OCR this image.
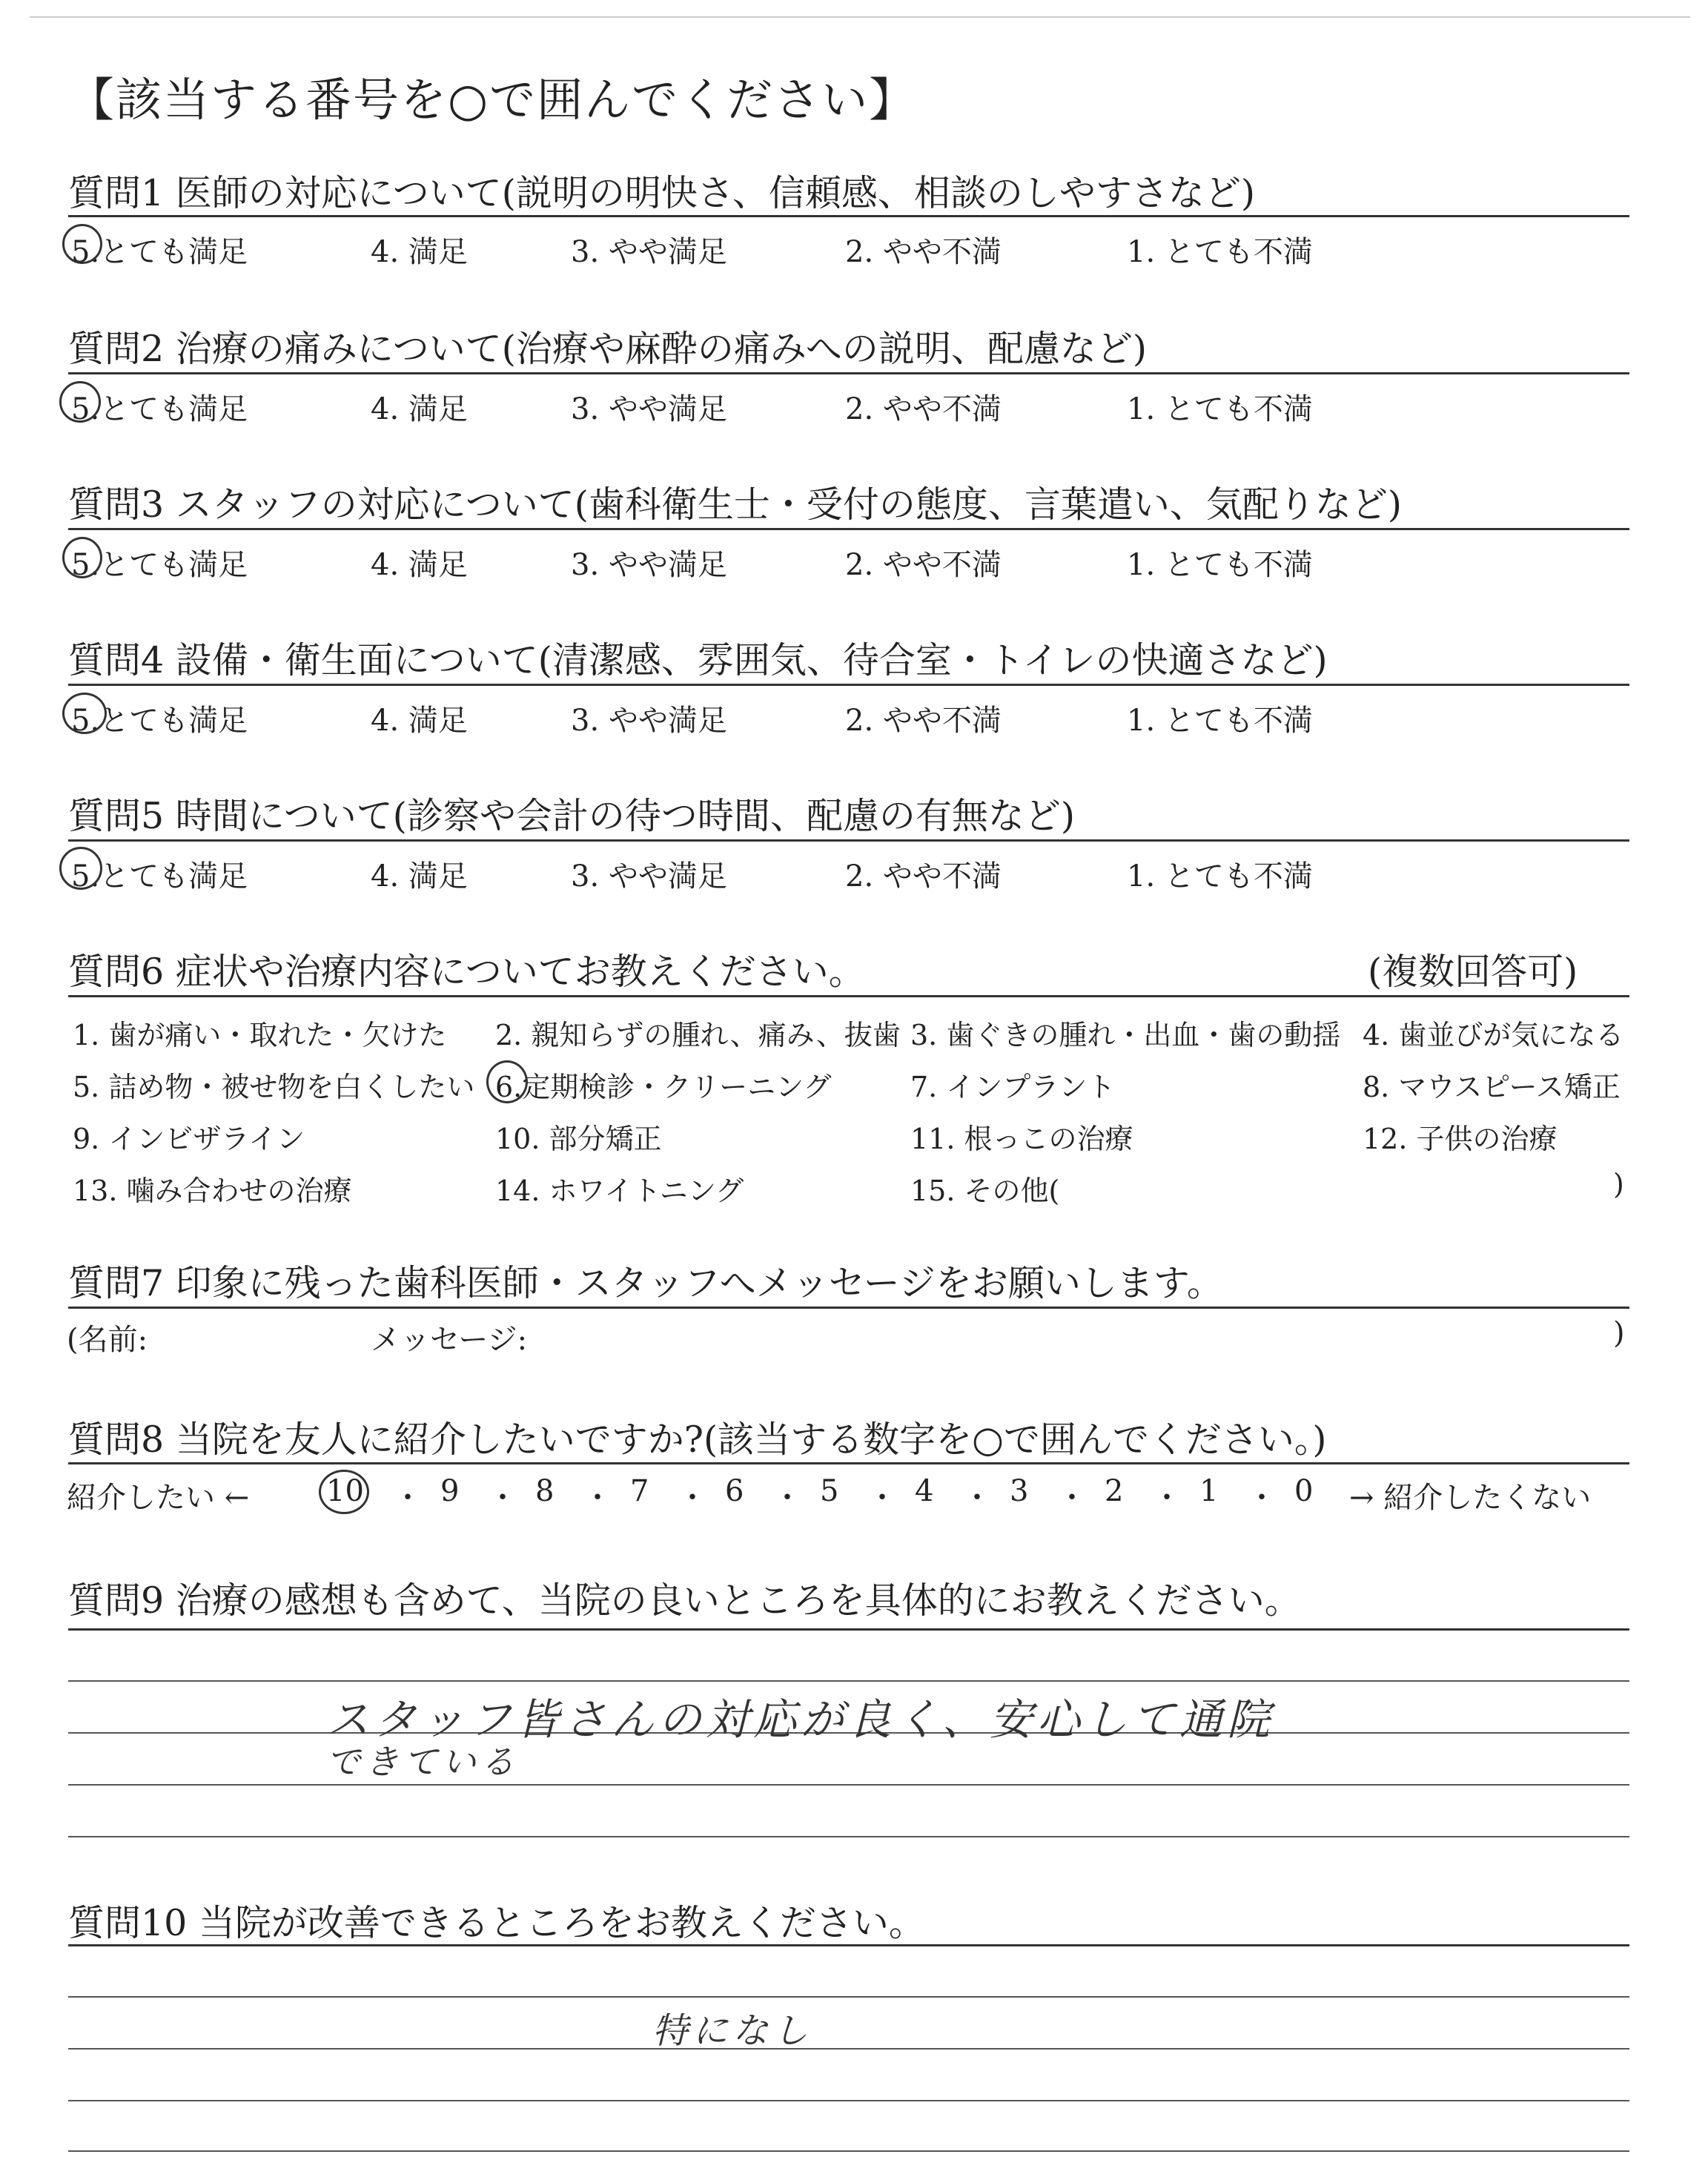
【該当する番号を○で囲んでください】
質問1 医師の対応について(説明の明快さ、信頼感、相談のしやすさなど)
5.とても満足	4. 満足	3. やや満足	2. やや不満	1. とても不満
質問2 治療の痛みについて(治療や麻酔の痛みへの説明、配慮など)
5.とても満足	4. 満足	3. やや満足	2. やや不満	1. とても不満
質問3 スタッフの対応について(歯科衛生士・受付の態度、言葉遣い、気配りなど)
5.とても満足	4. 満足	3. やや満足	2. やや不満	1. とても不満
質問4 設備・衛生面について(清潔感、雰囲気、待合室・トイレの快適さなど)
5.とても満足	4. 満足	3. やや満足	2. やや不満	1. とても不満
質問5 時間について(診察や会計の待つ時間、配慮の有無など)
5.とても満足	4. 満足	3. やや満足	2. やや不満	1. とても不満
質問6 症状や治療内容についてお教えください。	(複数回答可)
1. 歯が痛い・取れた・欠けた 2. 親知らずの腫れ、痛み、抜歯 3. 歯ぐきの腫れ・出血・歯の動揺 4. 歯並びが気になる
5. 詰め物・被せ物を白くしたい 6.定期検診・クリーニング	7. インプラント	8. マウスピース矯正
9. インビザライン	10. 部分矯正	11. 根っこの治療	12. 子供の治療
13. 噛み合わせの治療	14. ホワイトニング	15. その他(	)
質問7 印象に残った歯科医師・スタッフへメッセージをお願いします。
(名前:	メッセージ:	)
質問8 当院を友人に紹介したいですか?(該当する数字を○で囲んでください。)
紹介したい ←	10 ・ 9 ・ 8 ・ 7 ・ 6 ・ 5 ・ 4 ・ 3 ・ 2 ・ 1 ・ 0 → 紹介したくない
質問9 治療の感想も含めて、当院の良いところを具体的にお教えください。
スタッフ皆さんの対応が良く、安心して通院
できている
質問10 当院が改善できるところをお教えください。
特になし
